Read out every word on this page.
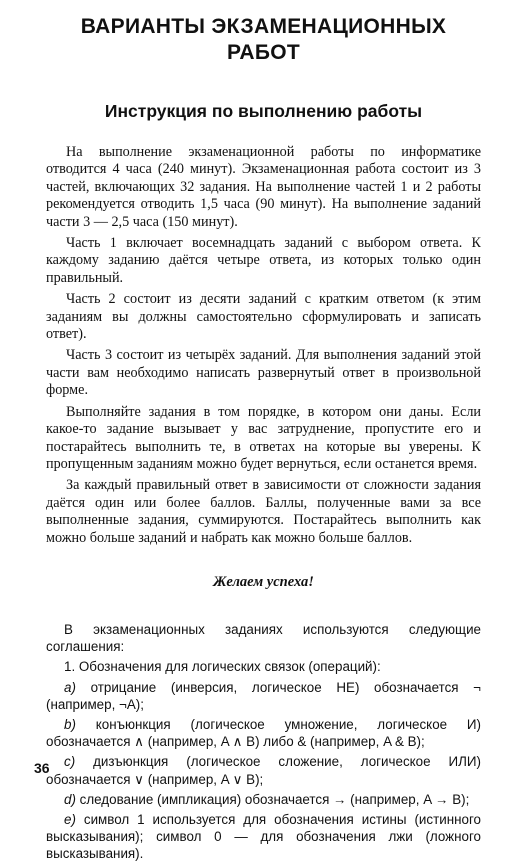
ВАРИАНТЫ ЭКЗАМЕНАЦИОННЫХ РАБОТ
Инструкция по выполнению работы

На выполнение экзаменационной работы по информатике отводится 4 часа (240 минут). Экзаменационная работа состоит из 3 частей, включающих 32 задания. На выполнение частей 1 и 2 работы рекомендуется отводить 1,5 часа (90 минут). На выполнение заданий части 3 — 2,5 часа (150 минут).

Часть 1 включает восемнадцать заданий с выбором ответа. К каждому заданию даётся четыре ответа, из которых только один правильный.

Часть 2 состоит из десяти заданий с кратким ответом (к этим заданиям вы должны самостоятельно сформулировать и записать ответ).

Часть 3 состоит из четырёх заданий. Для выполнения заданий этой части вам необходимо написать развернутый ответ в произвольной форме.

Выполняйте задания в том порядке, в котором они даны. Если какое-то задание вызывает у вас затруднение, пропустите его и постарайтесь выполнить те, в ответах на которые вы уверены. К пропущенным заданиям можно будет вернуться, если останется время.

За каждый правильный ответ в зависимости от сложности задания даётся один или более баллов. Баллы, полученные вами за все выполненные задания, суммируются. Постарайтесь выполнить как можно больше заданий и набрать как можно больше баллов.

Желаем успеха!

В экзаменационных заданиях используются следующие соглашения:

1. Обозначения для логических связок (операций):

a) отрицание (инверсия, логическое НЕ) обозначается ¬ (например, ¬A);

b) конъюнкция (логическое умножение, логическое И) обозначается ∧ (например, A ∧ B) либо & (например, A & B);

c) дизъюнкция (логическое сложение, логическое ИЛИ) обозначается ∨ (например, A ∨ B);

d) следование (импликация) обозначается → (например, A → B);

e) символ 1 используется для обозначения истины (истинного высказывания); символ 0 — для обозначения лжи (ложного высказывания).

36
